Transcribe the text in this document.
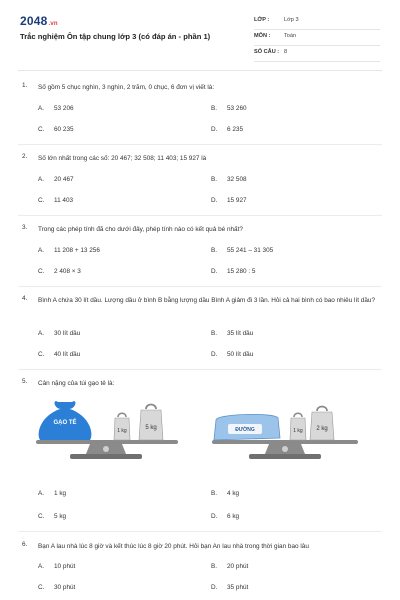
2048.vn
Trắc nghiệm Ôn tập chung lớp 3 (có đáp án - phần 1)
LỚP :	Lớp 3
MÔN : Toán
SỐ CÂU : 8
1. Số gồm 5 chục nghìn, 3 nghìn, 2 trăm, 0 chục, 6 đơn vị viết là:
A. 53 206	B. 53 260
C. 60 235	D. 6 235
2. Số lớn nhất trong các số: 20 467; 32 508; 11 403; 15 927 là
A. 20 467	B. 32 508
C. 11 403	D. 15 927
3. Trong các phép tính đã cho dưới đây, phép tính nào có kết quả bé nhất?
A. 11 208 + 13 256	B. 55 241 – 31 305
C. 2 408 × 3	D. 15 280 : 5
4. Bình A chứa 30 lít dầu. Lượng dầu ở bình B bằng lượng dầu Bình A giảm đi 3 lần. Hỏi cả hai bình có bao nhiêu lít dầu?
A. 30 lít dầu	B. 35 lít dầu
C. 40 lít dầu	D. 50 lít dầu
5. Cân nặng của túi gạo tẻ là:
GẠO TẺ
1 kg	5 kg	ĐƯỜNG	1 kg 2 kg
A. 1 kg	B. 4 kg
C. 5 kg	D. 6 kg
6. Bạn A lau nhà lúc 8 giờ và kết thúc lúc 8 giờ 20 phút. Hỏi bạn An lau nhà trong thời gian bao lâu
A. 10 phút	B. 20 phút
C. 30 phút	D. 35 phút
